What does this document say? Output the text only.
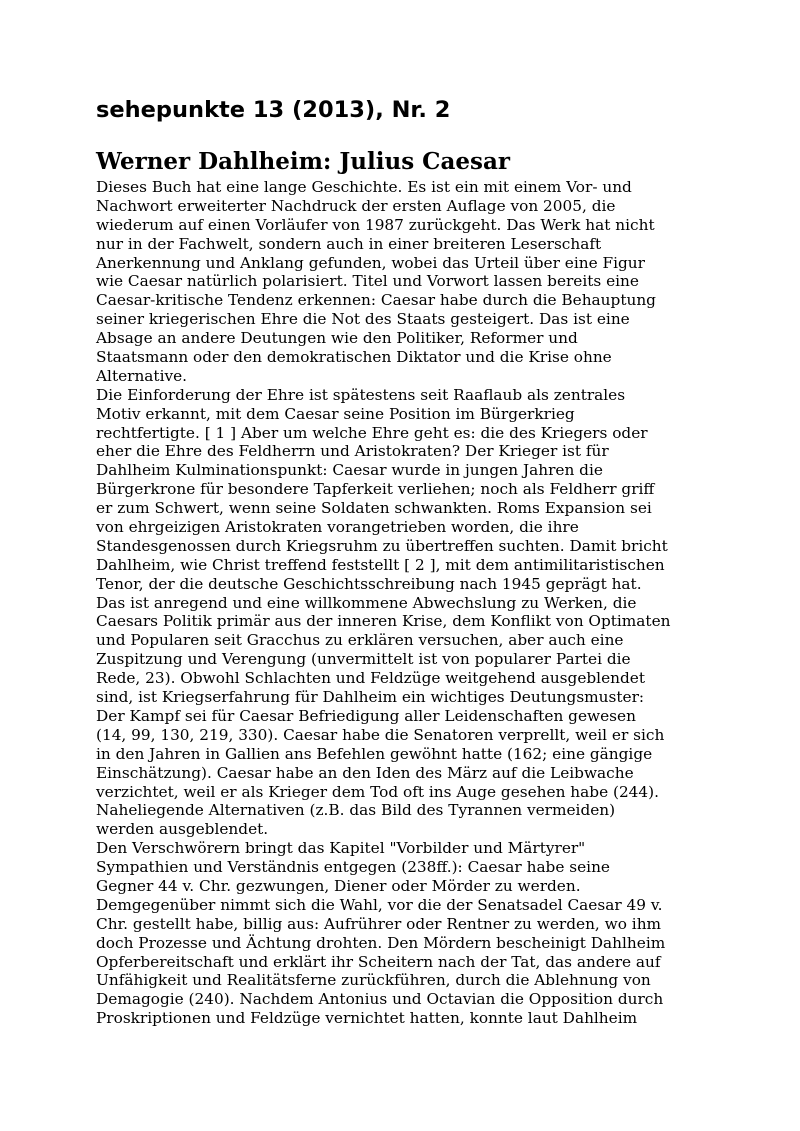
sehepunkte 13 (2013), Nr. 2
Werner Dahlheim: Julius Caesar
Dieses Buch hat eine lange Geschichte. Es ist ein mit einem Vor- und
Nachwort erweiterter Nachdruck der ersten Auflage von 2005, die
wiederum auf einen Vorläufer von 1987 zurückgeht. Das Werk hat nicht
nur in der Fachwelt, sondern auch in einer breiteren Leserschaft
Anerkennung und Anklang gefunden, wobei das Urteil über eine Figur
wie Caesar natürlich polarisiert. Titel und Vorwort lassen bereits eine
Caesar-kritische Tendenz erkennen: Caesar habe durch die Behauptung
seiner kriegerischen Ehre die Not des Staats gesteigert. Das ist eine
Absage an andere Deutungen wie den Politiker, Reformer und
Staatsmann oder den demokratischen Diktator und die Krise ohne
Alternative.
Die Einforderung der Ehre ist spätestens seit Raaflaub als zentrales
Motiv erkannt, mit dem Caesar seine Position im Bürgerkrieg
rechtfertigte. [ 1 ] Aber um welche Ehre geht es: die des Kriegers oder
eher die Ehre des Feldherrn und Aristokraten? Der Krieger ist für
Dahlheim Kulminationspunkt: Caesar wurde in jungen Jahren die
Bürgerkrone für besondere Tapferkeit verliehen; noch als Feldherr griff
er zum Schwert, wenn seine Soldaten schwankten. Roms Expansion sei
von ehrgeizigen Aristokraten vorangetrieben worden, die ihre
Standesgenossen durch Kriegsruhm zu übertreffen suchten. Damit bricht
Dahlheim, wie Christ treffend feststellt [ 2 ], mit dem antimilitaristischen
Tenor, der die deutsche Geschichtsschreibung nach 1945 geprägt hat.
Das ist anregend und eine willkommene Abwechslung zu Werken, die
Caesars Politik primär aus der inneren Krise, dem Konflikt von Optimaten
und Popularen seit Gracchus zu erklären versuchen, aber auch eine
Zuspitzung und Verengung (unvermittelt ist von popularer Partei die
Rede, 23). Obwohl Schlachten und Feldzüge weitgehend ausgeblendet
sind, ist Kriegserfahrung für Dahlheim ein wichtiges Deutungsmuster:
Der Kampf sei für Caesar Befriedigung aller Leidenschaften gewesen
(14, 99, 130, 219, 330). Caesar habe die Senatoren verprellt, weil er sich
in den Jahren in Gallien ans Befehlen gewöhnt hatte (162; eine gängige
Einschätzung). Caesar habe an den Iden des März auf die Leibwache
verzichtet, weil er als Krieger dem Tod oft ins Auge gesehen habe (244).
Naheliegende Alternativen (z.B. das Bild des Tyrannen vermeiden)
werden ausgeblendet.
Den Verschwörern bringt das Kapitel "Vorbilder und Märtyrer"
Sympathien und Verständnis entgegen (238ff.): Caesar habe seine
Gegner 44 v. Chr. gezwungen, Diener oder Mörder zu werden.
Demgegenüber nimmt sich die Wahl, vor die der Senatsadel Caesar 49 v.
Chr. gestellt habe, billig aus: Aufrührer oder Rentner zu werden, wo ihm
doch Prozesse und Ächtung drohten. Den Mördern bescheinigt Dahlheim
Opferbereitschaft und erklärt ihr Scheitern nach der Tat, das andere auf
Unfähigkeit und Realitätsferne zurückführen, durch die Ablehnung von
Demagogie (240). Nachdem Antonius und Octavian die Opposition durch
Proskriptionen und Feldzüge vernichtet hatten, konnte laut Dahlheim
